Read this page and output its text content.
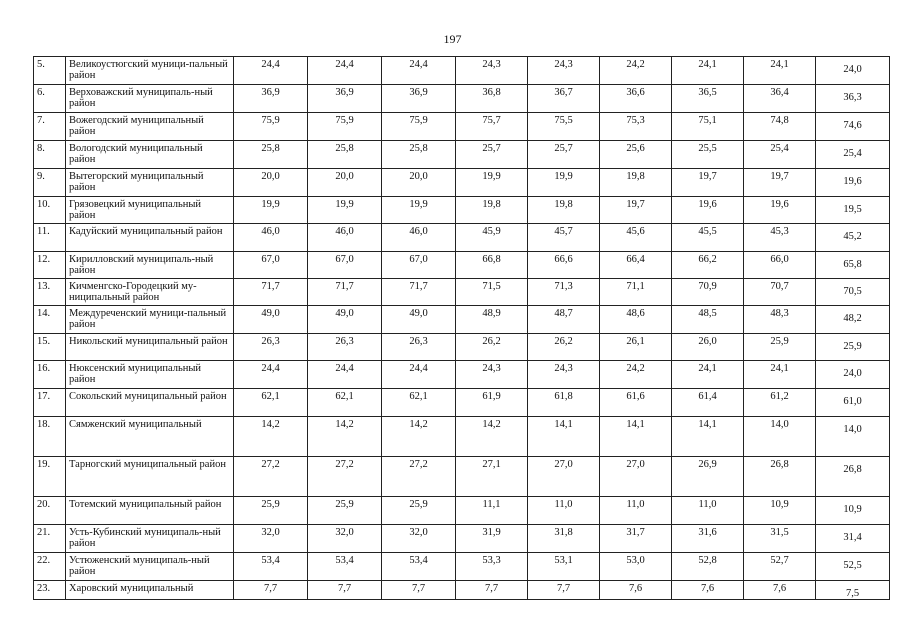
197
5.	Великоустюгский муници-пальный район	24,4	24,4	24,4	24,3	24,3	24,2	24,1	24,1	24,0
6.	Верховажский муниципаль-ный район	36,9	36,9	36,9	36,8	36,7	36,6	36,5	36,4	36,3
7.	Вожегодский муниципальный район	75,9	75,9	75,9	75,7	75,5	75,3	75,1	74,8	74,6
8.	Вологодский муниципальный район	25,8	25,8	25,8	25,7	25,7	25,6	25,5	25,4	25,4
9.	Вытегорский муниципальный район	20,0	20,0	20,0	19,9	19,9	19,8	19,7	19,7	19,6
10.	Грязовецкий муниципальный район	19,9	19,9	19,9	19,8	19,8	19,7	19,6	19,6	19,5
11.	Кадуйский муниципальный район	46,0	46,0	46,0	45,9	45,7	45,6	45,5	45,3	45,2
12.	Кирилловский муниципаль-ный район	67,0	67,0	67,0	66,8	66,6	66,4	66,2	66,0	65,8
13.	Кичменгско-Городецкий му-ниципальный район	71,7	71,7	71,7	71,5	71,3	71,1	70,9	70,7	70,5
14.	Междуреченский муници-пальный район	49,0	49,0	49,0	48,9	48,7	48,6	48,5	48,3	48,2
15.	Никольский муниципальный район	26,3	26,3	26,3	26,2	26,2	26,1	26,0	25,9	25,9
16.	Нюксенский муниципальный район	24,4	24,4	24,4	24,3	24,3	24,2	24,1	24,1	24,0
17.	Сокольский муниципальный район	62,1	62,1	62,1	61,9	61,8	61,6	61,4	61,2	61,0
18.	Сямженский муниципальный	14,2	14,2	14,2	14,2	14,1	14,1	14,1	14,0	14,0
19.	Тарногский муниципальный район	27,2	27,2	27,2	27,1	27,0	27,0	26,9	26,8	26,8
20.	Тотемский муниципальный район	25,9	25,9	25,9	11,1	11,0	11,0	11,0	10,9	10,9
21.	Усть-Кубинский муниципаль-ный район	32,0	32,0	32,0	31,9	31,8	31,7	31,6	31,5	31,4
22.	Устюженский муниципаль-ный район	53,4	53,4	53,4	53,3	53,1	53,0	52,8	52,7	52,5
23.	Харовский муниципальный	7,7	7,7	7,7	7,7	7,7	7,6	7,6	7,6	7,5
